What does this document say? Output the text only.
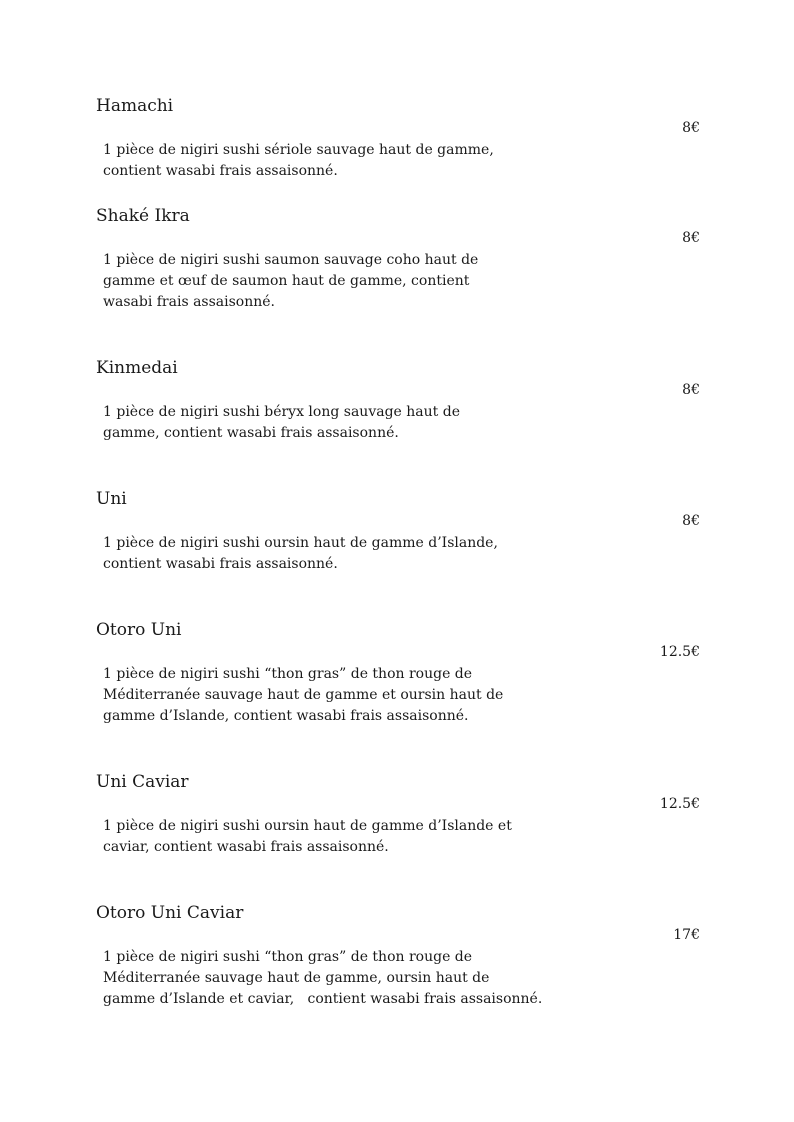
Hamachi
8€
1 pièce de nigiri sushi sériole sauvage haut de gamme,
contient wasabi frais assaisonné.
Shaké Ikra
8€
1 pièce de nigiri sushi saumon sauvage coho haut de
gamme et œuf de saumon haut de gamme, contient
wasabi frais assaisonné.
Kinmedai
8€
1 pièce de nigiri sushi béryx long sauvage haut de
gamme, contient wasabi frais assaisonné.
Uni
8€
1 pièce de nigiri sushi oursin haut de gamme d’Islande,
contient wasabi frais assaisonné.
Otoro Uni
12.5€
1 pièce de nigiri sushi “thon gras” de thon rouge de
Méditerranée sauvage haut de gamme et oursin haut de
gamme d’Islande, contient wasabi frais assaisonné.
Uni Caviar
12.5€
1 pièce de nigiri sushi oursin haut de gamme d’Islande et
caviar, contient wasabi frais assaisonné.
Otoro Uni Caviar
17€
1 pièce de nigiri sushi “thon gras” de thon rouge de
Méditerranée sauvage haut de gamme, oursin haut de
gamme d’Islande et caviar,   contient wasabi frais assaisonné.
